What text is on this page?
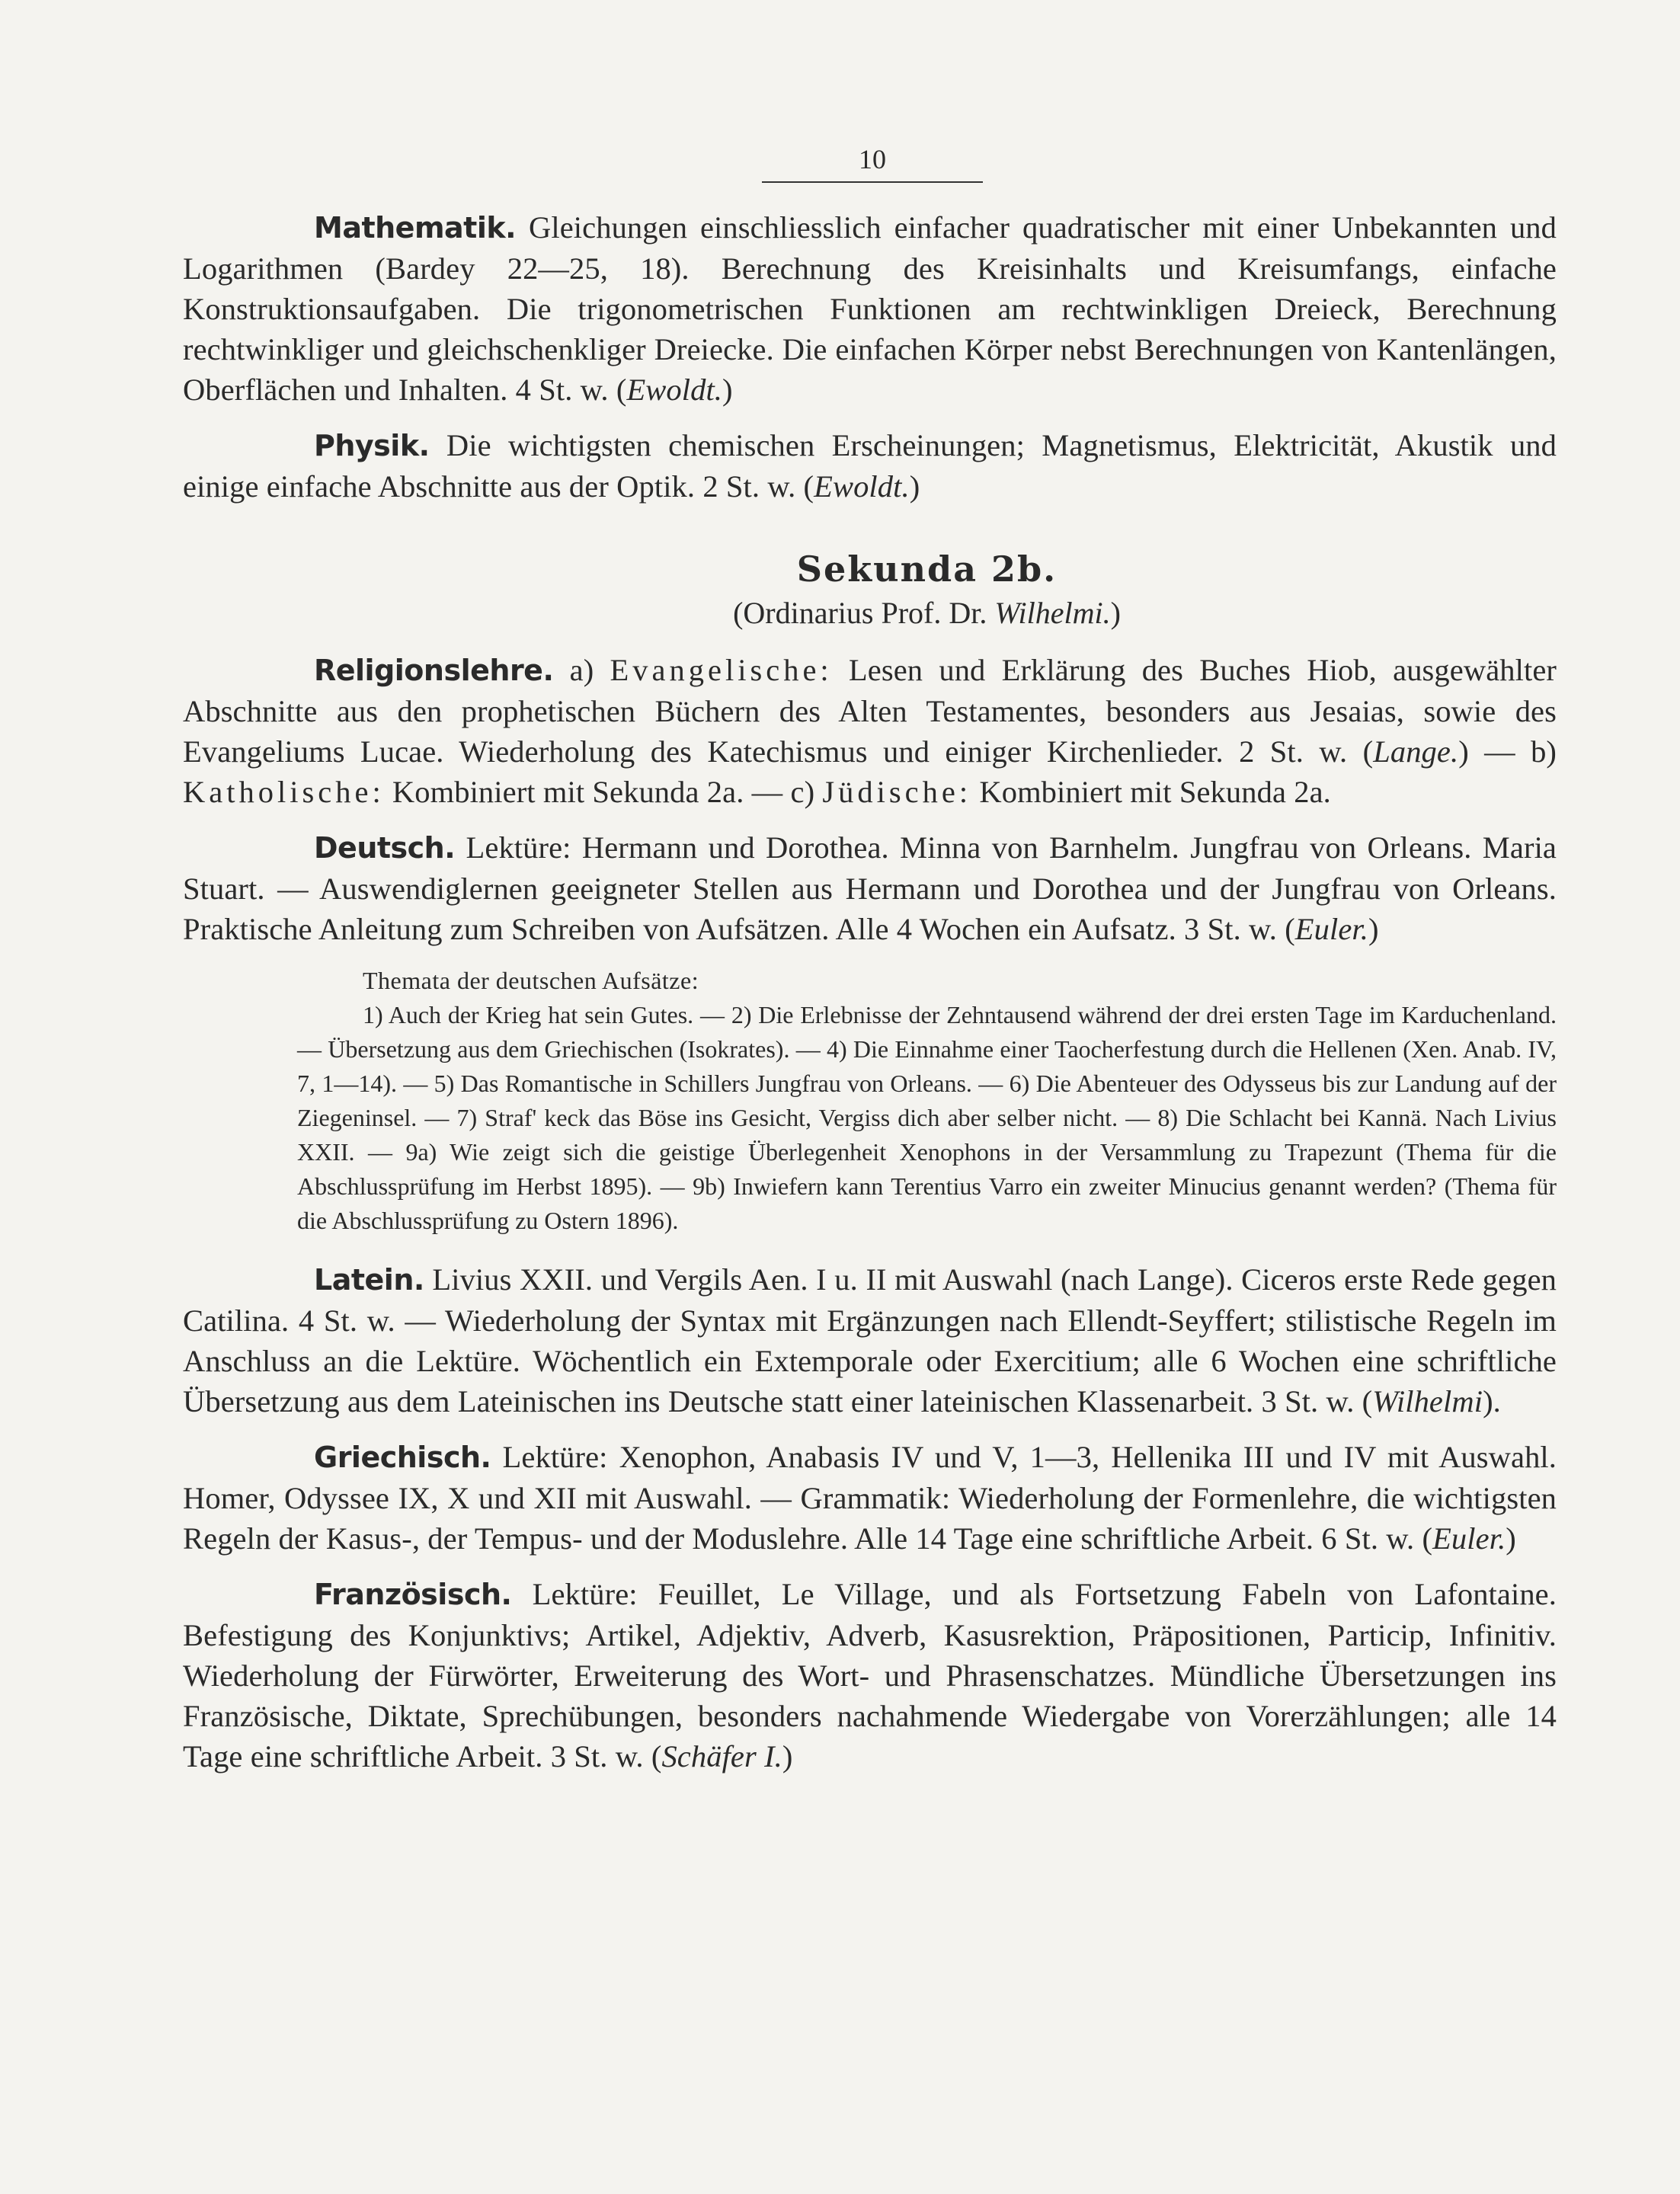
10

Mathematik. Gleichungen einschliesslich einfacher quadratischer mit einer Unbekannten und Logarithmen (Bardey 22—25, 18). Berechnung des Kreisinhalts und Kreisumfangs, einfache Konstruktionsaufgaben. Die trigonometrischen Funktionen am rechtwinkligen Dreieck, Berechnung rechtwinkliger und gleichschenkliger Dreiecke. Die einfachen Körper nebst Berechnungen von Kantenlängen, Oberflächen und Inhalten. 4 St. w. (Ewoldt.)

Physik. Die wichtigsten chemischen Erscheinungen; Magnetismus, Elektricität, Akustik und einige einfache Abschnitte aus der Optik. 2 St. w. (Ewoldt.)

Sekunda 2b.
(Ordinarius Prof. Dr. Wilhelmi.)

Religionslehre. a) Evangelische: Lesen und Erklärung des Buches Hiob, ausgewählter Abschnitte aus den prophetischen Büchern des Alten Testamentes, besonders aus Jesaias, sowie des Evangeliums Lucae. Wiederholung des Katechismus und einiger Kirchenlieder. 2 St. w. (Lange.) — b) Katholische: Kombiniert mit Sekunda 2a. — c) Jüdische: Kombiniert mit Sekunda 2a.

Deutsch. Lektüre: Hermann und Dorothea. Minna von Barnhelm. Jungfrau von Orleans. Maria Stuart. — Auswendiglernen geeigneter Stellen aus Hermann und Dorothea und der Jungfrau von Orleans. Praktische Anleitung zum Schreiben von Aufsätzen. Alle 4 Wochen ein Aufsatz. 3 St. w. (Euler.)

Themata der deutschen Aufsätze:

1) Auch der Krieg hat sein Gutes. — 2) Die Erlebnisse der Zehntausend während der drei ersten Tage im Karduchenland. — Übersetzung aus dem Griechischen (Isokrates). — 4) Die Einnahme einer Taocherfestung durch die Hellenen (Xen. Anab. IV, 7, 1—14). — 5) Das Romantische in Schillers Jungfrau von Orleans. — 6) Die Abenteuer des Odysseus bis zur Landung auf der Ziegeninsel. — 7) Straf' keck das Böse ins Gesicht, Vergiss dich aber selber nicht. — 8) Die Schlacht bei Kannä. Nach Livius XXII. — 9a) Wie zeigt sich die geistige Überlegenheit Xenophons in der Versammlung zu Trapezunt (Thema für die Abschlussprüfung im Herbst 1895). — 9b) Inwiefern kann Terentius Varro ein zweiter Minucius genannt werden? (Thema für die Abschlussprüfung zu Ostern 1896).

Latein. Livius XXII. und Vergils Aen. I u. II mit Auswahl (nach Lange). Ciceros erste Rede gegen Catilina. 4 St. w. — Wiederholung der Syntax mit Ergänzungen nach Ellendt-Seyffert; stilistische Regeln im Anschluss an die Lektüre. Wöchentlich ein Extemporale oder Exercitium; alle 6 Wochen eine schriftliche Übersetzung aus dem Lateinischen ins Deutsche statt einer lateinischen Klassenarbeit. 3 St. w. (Wilhelmi).

Griechisch. Lektüre: Xenophon, Anabasis IV und V, 1—3, Hellenika III und IV mit Auswahl. Homer, Odyssee IX, X und XII mit Auswahl. — Grammatik: Wiederholung der Formenlehre, die wichtigsten Regeln der Kasus-, der Tempus- und der Moduslehre. Alle 14 Tage eine schriftliche Arbeit. 6 St. w. (Euler.)

Französisch. Lektüre: Feuillet, Le Village, und als Fortsetzung Fabeln von Lafontaine. Befestigung des Konjunktivs; Artikel, Adjektiv, Adverb, Kasusrektion, Präpositionen, Particip, Infinitiv. Wiederholung der Fürwörter, Erweiterung des Wort- und Phrasenschatzes. Mündliche Übersetzungen ins Französische, Diktate, Sprechübungen, besonders nachahmende Wiedergabe von Vorerzählungen; alle 14 Tage eine schriftliche Arbeit. 3 St. w. (Schäfer I.)
